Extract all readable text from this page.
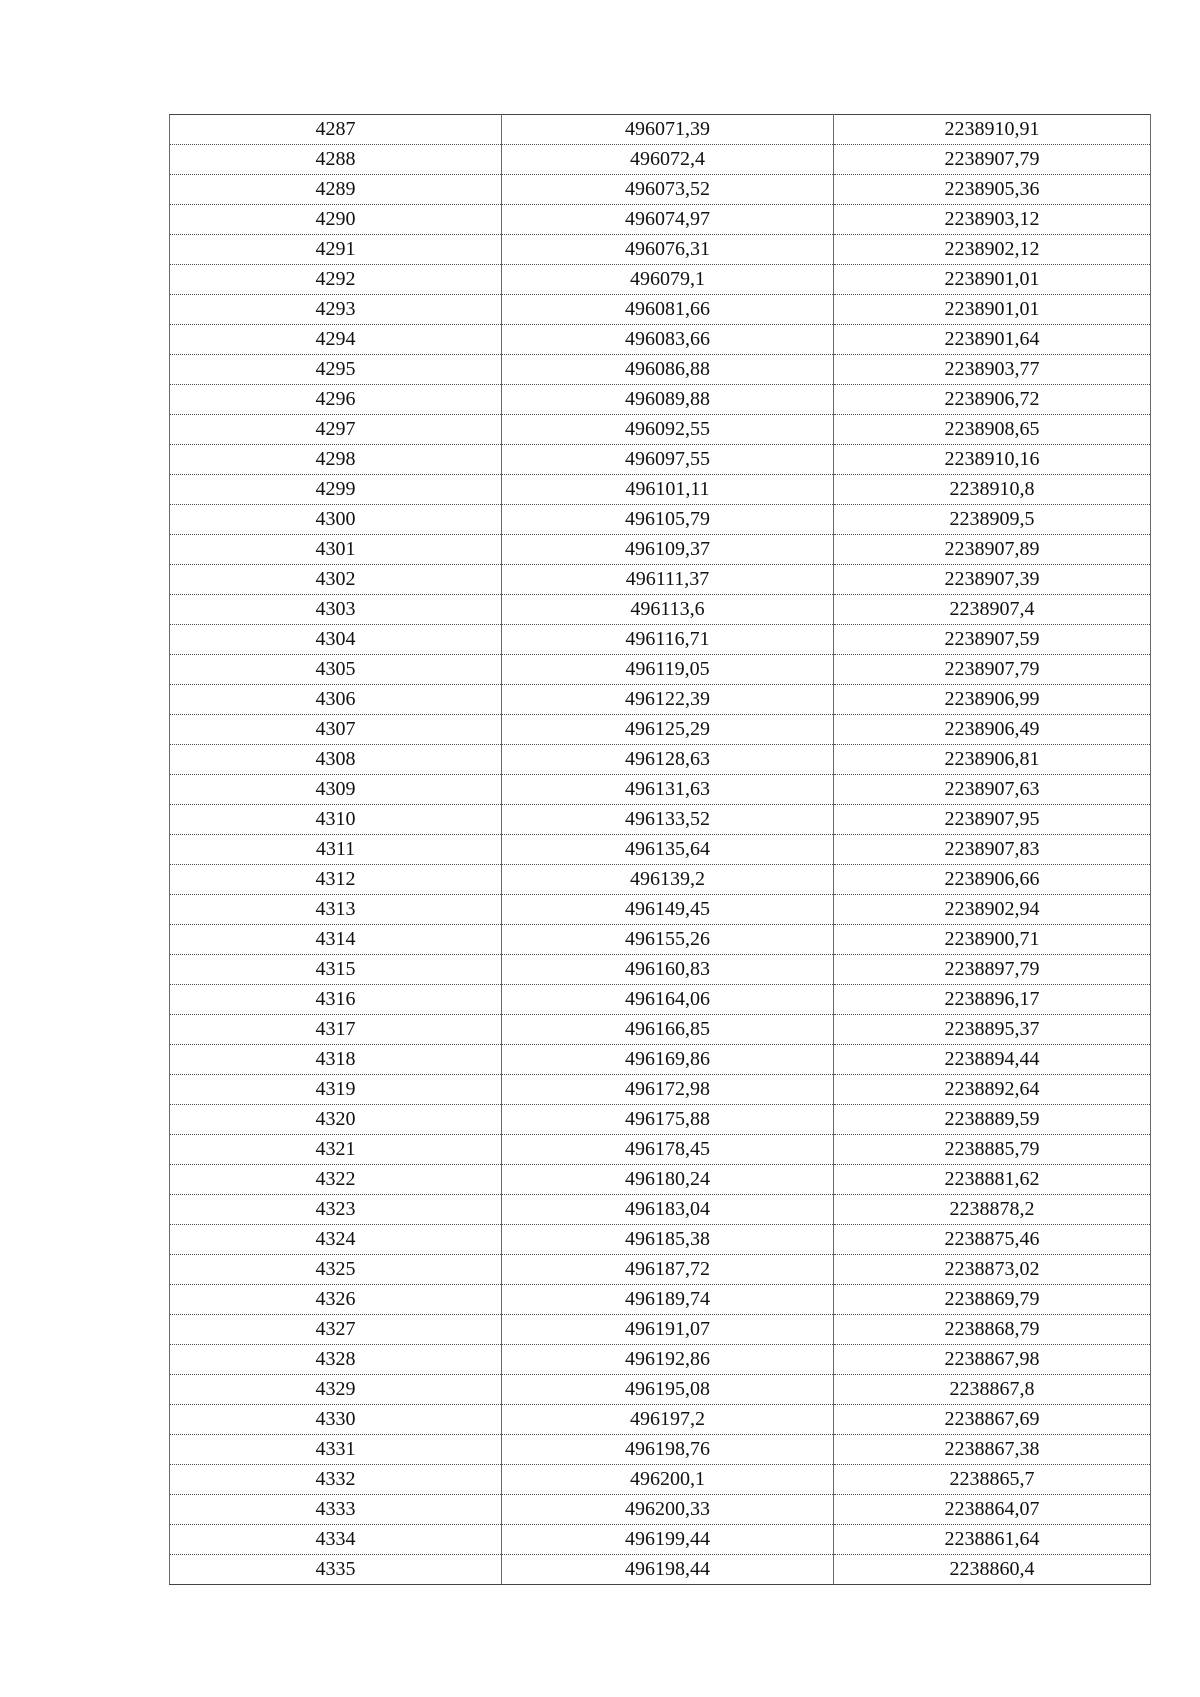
4287	496071,39	2238910,91
4288	496072,4	2238907,79
4289	496073,52	2238905,36
4290	496074,97	2238903,12
4291	496076,31	2238902,12
4292	496079,1	2238901,01
4293	496081,66	2238901,01
4294	496083,66	2238901,64
4295	496086,88	2238903,77
4296	496089,88	2238906,72
4297	496092,55	2238908,65
4298	496097,55	2238910,16
4299	496101,11	2238910,8
4300	496105,79	2238909,5
4301	496109,37	2238907,89
4302	496111,37	2238907,39
4303	496113,6	2238907,4
4304	496116,71	2238907,59
4305	496119,05	2238907,79
4306	496122,39	2238906,99
4307	496125,29	2238906,49
4308	496128,63	2238906,81
4309	496131,63	2238907,63
4310	496133,52	2238907,95
4311	496135,64	2238907,83
4312	496139,2	2238906,66
4313	496149,45	2238902,94
4314	496155,26	2238900,71
4315	496160,83	2238897,79
4316	496164,06	2238896,17
4317	496166,85	2238895,37
4318	496169,86	2238894,44
4319	496172,98	2238892,64
4320	496175,88	2238889,59
4321	496178,45	2238885,79
4322	496180,24	2238881,62
4323	496183,04	2238878,2
4324	496185,38	2238875,46
4325	496187,72	2238873,02
4326	496189,74	2238869,79
4327	496191,07	2238868,79
4328	496192,86	2238867,98
4329	496195,08	2238867,8
4330	496197,2	2238867,69
4331	496198,76	2238867,38
4332	496200,1	2238865,7
4333	496200,33	2238864,07
4334	496199,44	2238861,64
4335	496198,44	2238860,4
